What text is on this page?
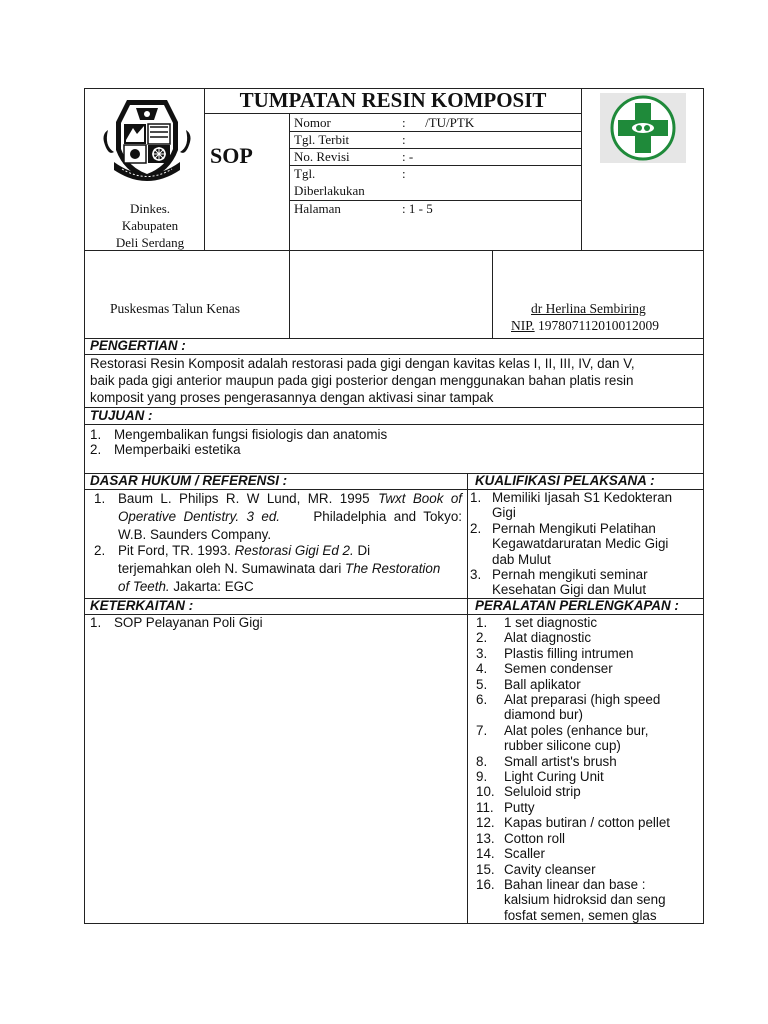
Dinkes.
Kabupaten
Deli Serdang
TUMPATAN RESIN KOMPOSIT
SOP
Nomor	:      /TU/PTK
Tgl. Terbit	:
No. Revisi	: -
Tgl.
Diberlakukan
:
Halaman	: 1 - 5
Puskesmas Talun Kenas	dr Herlina Sembiring
NIP. 197807112010012009
PENGERTIAN :
Restorasi Resin Komposit adalah restorasi pada gigi dengan kavitas kelas I, II, III, IV, dan V,
baik pada gigi anterior maupun pada gigi posterior dengan menggunakan bahan platis resin
komposit yang proses pengerasannya dengan aktivasi sinar tampak
TUJUAN :
1. Mengembalikan fungsi fisiologis dan anatomis
2. Memperbaiki estetika
DASAR HUKUM / REFERENSI :
1. Baum  L.  Philips  R.  W  Lund,  MR.  1995 Twxt  Book  of
Operative  Dentistry.  3  ed. Philadelphia  and  Tokyo:
W.B. Saunders Company.
2. Pit Ford, TR. 1993. Restorasi Gigi Ed 2. Di
terjemahkan oleh N. Sumawinata dari The Restoration
of Teeth. Jakarta: EGC
KUALIFIKASI PELAKSANA :
1. Memiliki Ijasah S1 Kedokteran
Gigi
2. Pernah Mengikuti Pelatihan
Kegawatdaruratan Medic Gigi
dab Mulut
3. Pernah mengikuti seminar
Kesehatan Gigi dan Mulut
KETERKAITAN :
1. SOP Pelayanan Poli Gigi
PERALATAN PERLENGKAPAN :
1. 1 set diagnostic
2. Alat diagnostic
3. Plastis filling intrumen
4. Semen condenser
5. Ball aplikator
6. Alat preparasi (high speed
diamond bur)
7. Alat poles (enhance bur,
rubber silicone cup)
8. Small artist's brush
9. Light Curing Unit
10. Seluloid strip
11. Putty
12. Kapas butiran / cotton pellet
13. Cotton roll
14. Scaller
15. Cavity cleanser
16. Bahan linear dan base :
kalsium hidroksid dan seng
fosfat semen, semen glas
